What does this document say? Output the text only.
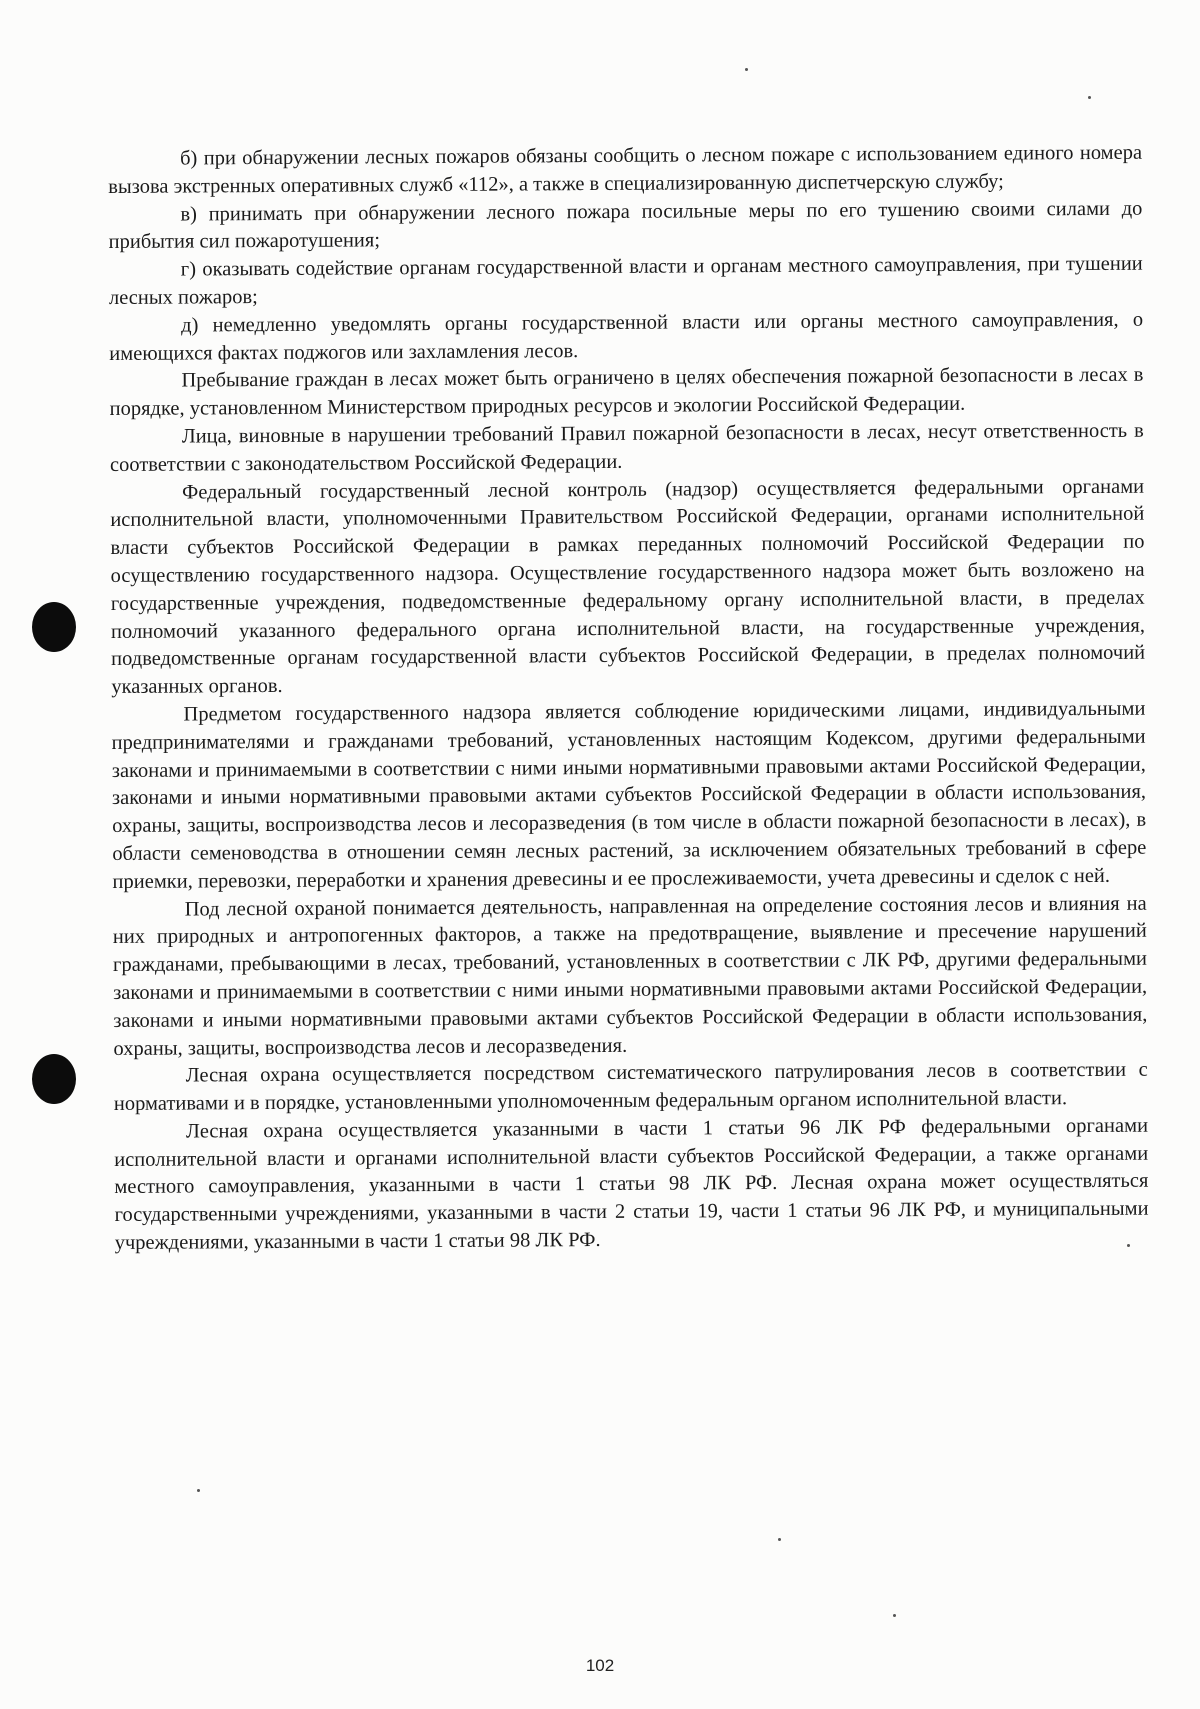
б) при обнаружении лесных пожаров обязаны сообщить о лесном пожаре с использованием единого номера вызова экстренных оперативных служб «112», а также в специализированную диспетчерскую службу;

в) принимать при обнаружении лесного пожара посильные меры по его тушению своими силами до прибытия сил пожаротушения;

г) оказывать содействие органам государственной власти и органам местного самоуправления, при тушении лесных пожаров;

д) немедленно уведомлять органы государственной власти или органы местного самоуправления, о имеющихся фактах поджогов или захламления лесов.

Пребывание граждан в лесах может быть ограничено в целях обеспечения пожарной безопасности в лесах в порядке, установленном Министерством природных ресурсов и экологии Российской Федерации.

Лица, виновные в нарушении требований Правил пожарной безопасности в лесах, несут ответственность в соответствии с законодательством Российской Федерации.

Федеральный государственный лесной контроль (надзор) осуществляется федеральными органами исполнительной власти, уполномоченными Правительством Российской Федерации, органами исполнительной власти субъектов Российской Федерации в рамках переданных полномочий Российской Федерации по осуществлению государственного надзора. Осуществление государственного надзора может быть возложено на государственные учреждения, подведомственные федеральному органу исполнительной власти, в пределах полномочий указанного федерального органа исполнительной власти, на государственные учреждения, подведомственные органам государственной власти субъектов Российской Федерации, в пределах полномочий указанных органов.

Предметом государственного надзора является соблюдение юридическими лицами, индивидуальными предпринимателями и гражданами требований, установленных настоящим Кодексом, другими федеральными законами и принимаемыми в соответствии с ними иными нормативными правовыми актами Российской Федерации, законами и иными нормативными правовыми актами субъектов Российской Федерации в области использования, охраны, защиты, воспроизводства лесов и лесоразведения (в том числе в области пожарной безопасности в лесах), в области семеноводства в отношении семян лесных растений, за исключением обязательных требований в сфере приемки, перевозки, переработки и хранения древесины и ее прослеживаемости, учета древесины и сделок с ней.

Под лесной охраной понимается деятельность, направленная на определение состояния лесов и влияния на них природных и антропогенных факторов, а также на предотвращение, выявление и пресечение нарушений гражданами, пребывающими в лесах, требований, установленных в соответствии с ЛК РФ, другими федеральными законами и принимаемыми в соответствии с ними иными нормативными правовыми актами Российской Федерации, законами и иными нормативными правовыми актами субъектов Российской Федерации в области использования, охраны, защиты, воспроизводства лесов и лесоразведения.

Лесная охрана осуществляется посредством систематического патрулирования лесов в соответствии с нормативами и в порядке, установленными уполномоченным федеральным органом исполнительной власти.

Лесная охрана осуществляется указанными в части 1 статьи 96 ЛК РФ федеральными органами исполнительной власти и органами исполнительной власти субъектов Российской Федерации, а также органами местного самоуправления, указанными в части 1 статьи 98 ЛК РФ. Лесная охрана может осуществляться государственными учреждениями, указанными в части 2 статьи 19, части 1 статьи 96 ЛК РФ, и муниципальными учреждениями, указанными в части 1 статьи 98 ЛК РФ.

102
